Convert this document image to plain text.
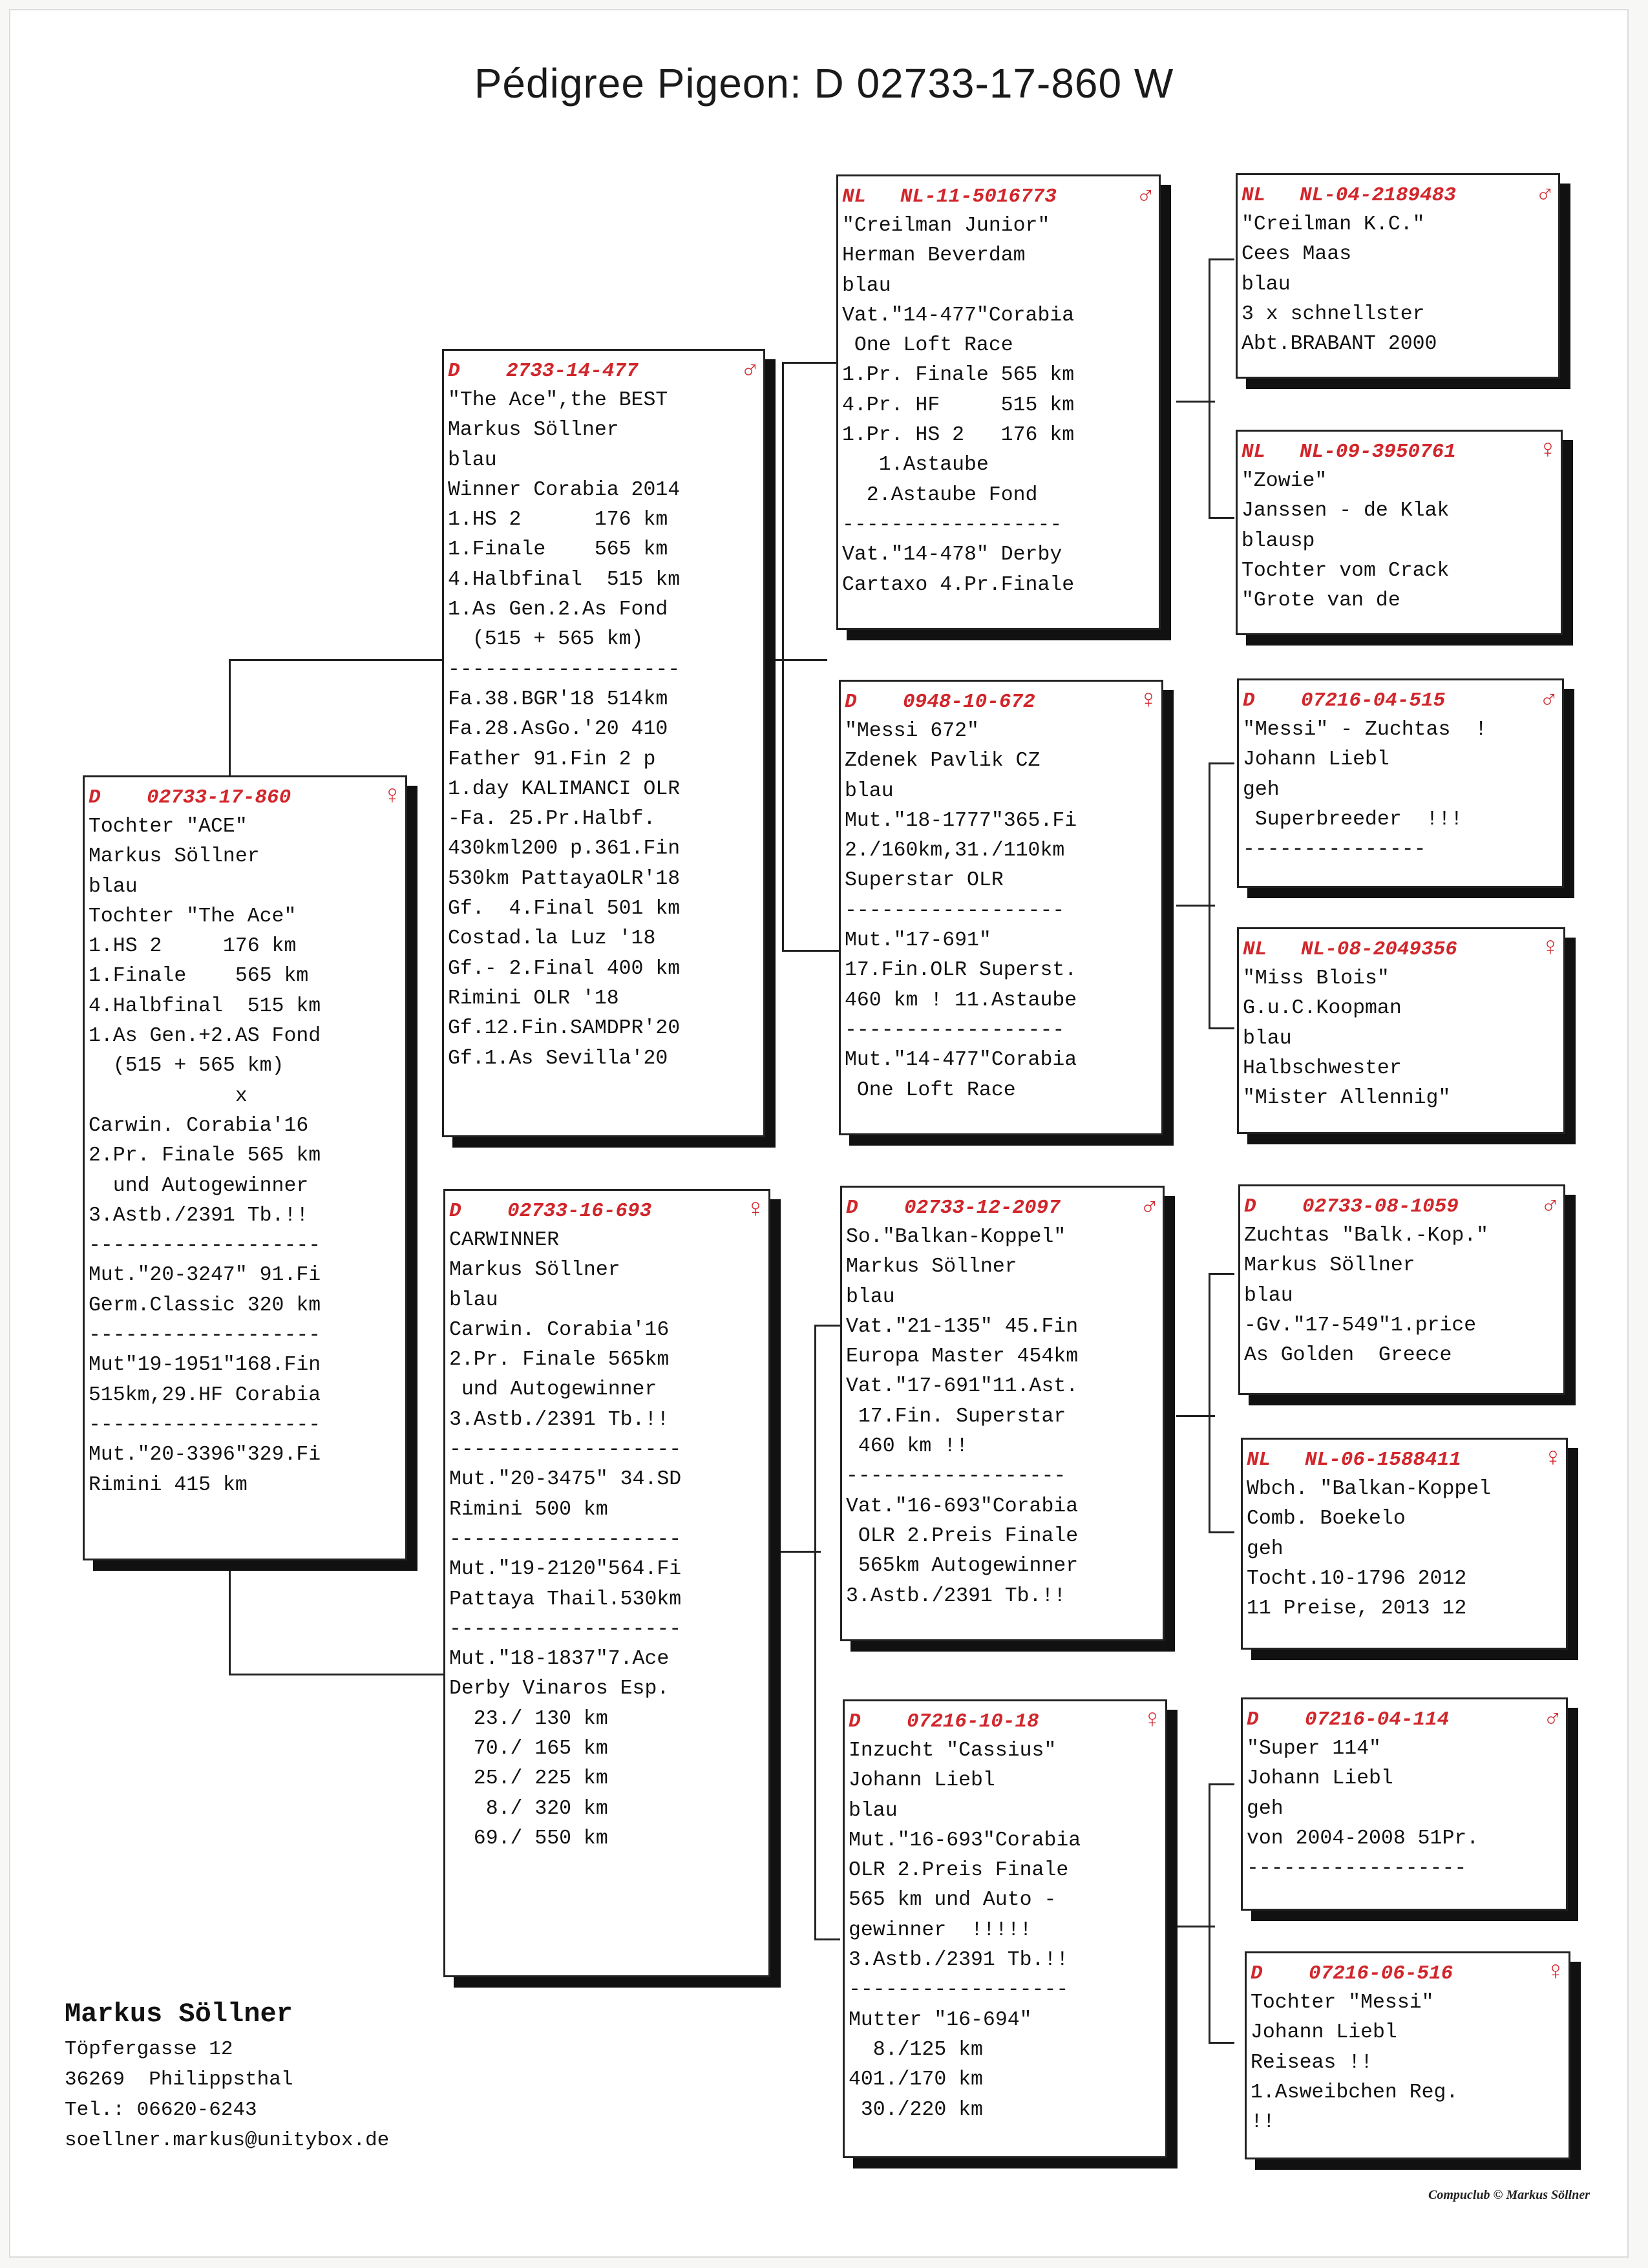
Pédigree Pigeon: D 02733-17-860 W
D	02733-17-860	♀
Tochter "ACE"
Markus Söllner
blau
Tochter "The Ace"
1.HS 2     176 km
1.Finale    565 km
4.Halbfinal  515 km
1.As Gen.+2.AS Fond
(515 + 565 km)
x
Carwin. Corabia'16
2.Pr. Finale 565 km
und Autogewinner
3.Astb./2391 Tb.!!
-------------------
Mut."20-3247" 91.Fi
Germ.Classic 320 km
-------------------
Mut"19-1951"168.Fin
515km,29.HF Corabia
-------------------
Mut."20-3396"329.Fi
Rimini 415 km
D	2733-14-477	♂
"The Ace",the BEST
Markus Söllner
blau
Winner Corabia 2014
1.HS 2      176 km
1.Finale    565 km
4.Halbfinal  515 km
1.As Gen.2.As Fond
(515 + 565 km)
-------------------
Fa.38.BGR'18 514km
Fa.28.AsGo.'20 410
Father 91.Fin 2 p
1.day KALIMANCI OLR
-Fa. 25.Pr.Halbf.
430kml200 p.361.Fin
530km PattayaOLR'18
Gf.  4.Final 501 km
Costad.la Luz '18
Gf.- 2.Final 400 km
Rimini OLR '18
Gf.12.Fin.SAMDPR'20
Gf.1.As Sevilla'20
D	02733-16-693	♀
CARWINNER
Markus Söllner
blau
Carwin. Corabia'16
2.Pr. Finale 565km
und Autogewinner
3.Astb./2391 Tb.!!
-------------------
Mut."20-3475" 34.SD
Rimini 500 km
-------------------
Mut."19-2120"564.Fi
Pattaya Thail.530km
-------------------
Mut."18-1837"7.Ace
Derby Vinaros Esp.
23./ 130 km
70./ 165 km
25./ 225 km
8./ 320 km
69./ 550 km
NL	NL-11-5016773	♂
"Creilman Junior"
Herman Beverdam
blau
Vat."14-477"Corabia
One Loft Race
1.Pr. Finale 565 km
4.Pr. HF     515 km
1.Pr. HS 2   176 km
1.Astaube
2.Astaube Fond
------------------
Vat."14-478" Derby
Cartaxo 4.Pr.Finale
D	0948-10-672	♀
"Messi 672"
Zdenek Pavlik CZ
blau
Mut."18-1777"365.Fi
2./160km,31./110km
Superstar OLR
------------------
Mut."17-691"
17.Fin.OLR Superst.
460 km ! 11.Astaube
------------------
Mut."14-477"Corabia
One Loft Race
D	02733-12-2097	♂
So."Balkan-Koppel"
Markus Söllner
blau
Vat."21-135" 45.Fin
Europa Master 454km
Vat."17-691"11.Ast.
17.Fin. Superstar
460 km !!
------------------
Vat."16-693"Corabia
OLR 2.Preis Finale
565km Autogewinner
3.Astb./2391 Tb.!!
D	07216-10-18	♀
Inzucht "Cassius"
Johann Liebl
blau
Mut."16-693"Corabia
OLR 2.Preis Finale
565 km und Auto -
gewinner  !!!!!
3.Astb./2391 Tb.!!
------------------
Mutter "16-694"
8./125 km
401./170 km
30./220 km
NL	NL-04-2189483	♂
"Creilman K.C."
Cees Maas
blau
3 x schnellster
Abt.BRABANT 2000
NL	NL-09-3950761	♀
"Zowie"
Janssen - de Klak
blausp
Tochter vom Crack
"Grote van de
D	07216-04-515	♂
"Messi" - Zuchtas  !
Johann Liebl
geh
Superbreeder  !!!
---------------
NL	NL-08-2049356	♀
"Miss Blois"
G.u.C.Koopman
blau
Halbschwester
"Mister Allennig"
D	02733-08-1059	♂
Zuchtas "Balk.-Kop."
Markus Söllner
blau
-Gv."17-549"1.price
As Golden  Greece
NL	NL-06-1588411	♀
Wbch. "Balkan-Koppel
Comb. Boekelo
geh
Tocht.10-1796 2012
11 Preise, 2013 12
D	07216-04-114	♂
"Super 114"
Johann Liebl
geh
von 2004-2008 51Pr.
------------------
D	07216-06-516	♀
Tochter "Messi"
Johann Liebl
Reiseas !!
1.Asweibchen Reg.
!!
Markus Söllner
Töpfergasse 12
36269  Philippsthal
Tel.: 06620-6243
soellner.markus@unitybox.de
Compuclub © Markus Söllner
